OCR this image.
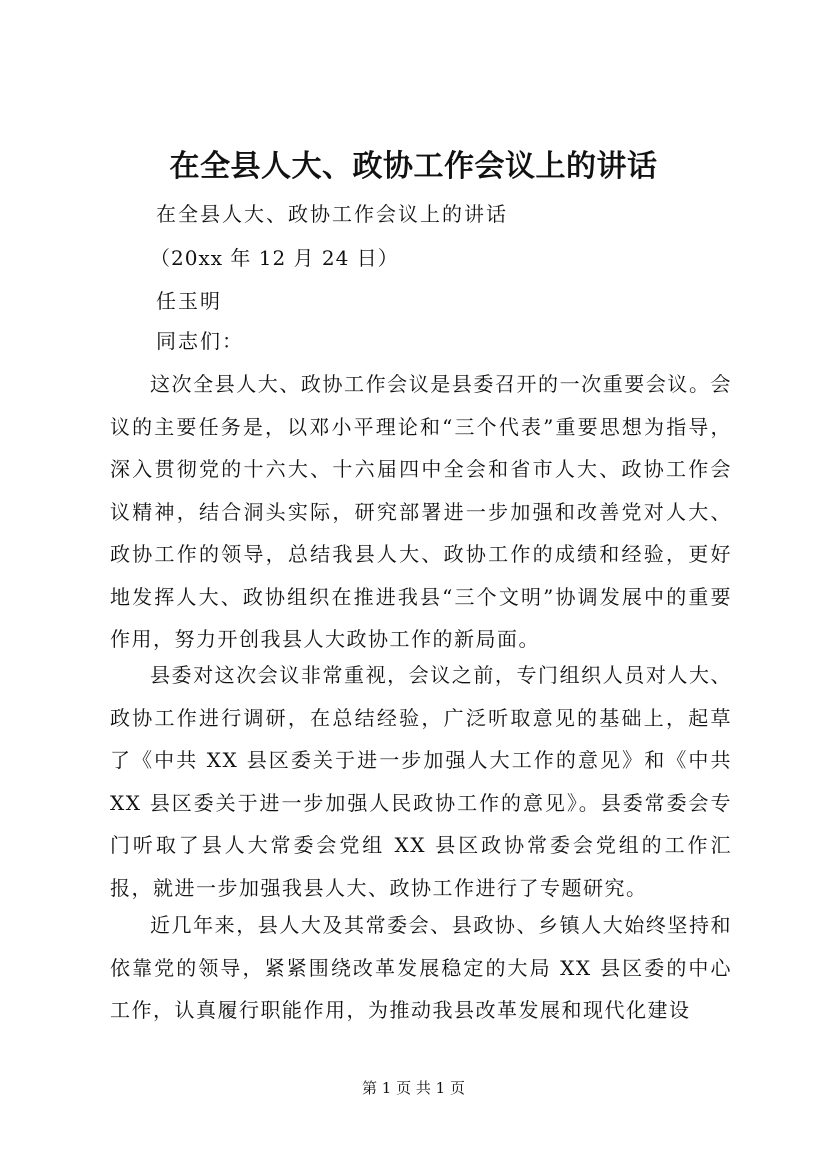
在全县人大、政协工作会议上的讲话

在全县人大、政协工作会议上的讲话

（20xx 年 12 月 24 日）

任玉明

同志们：

这次全县人大、政协工作会议是县委召开的一次重要会议。会议的主要任务是，以邓小平理论和“三个代表”重要思想为指导，深入贯彻党的十六大、十六届四中全会和省市人大、政协工作会议精神，结合洞头实际，研究部署进一步加强和改善党对人大、政协工作的领导，总结我县人大、政协工作的成绩和经验，更好地发挥人大、政协组织在推进我县“三个文明”协调发展中的重要作用，努力开创我县人大政协工作的新局面。

县委对这次会议非常重视，会议之前，专门组织人员对人大、政协工作进行调研，在总结经验，广泛听取意见的基础上，起草了《中共 XX 县区委关于进一步加强人大工作的意见》和《中共 XX 县区委关于进一步加强人民政协工作的意见》。县委常委会专门听取了县人大常委会党组 XX 县区政协常委会党组的工作汇报，就进一步加强我县人大、政协工作进行了专题研究。

近几年来，县人大及其常委会、县政协、乡镇人大始终坚持和依靠党的领导，紧紧围绕改革发展稳定的大局 XX 县区委的中心工作，认真履行职能作用，为推动我县改革发展和现代化建设

第 1 页 共 1 页
